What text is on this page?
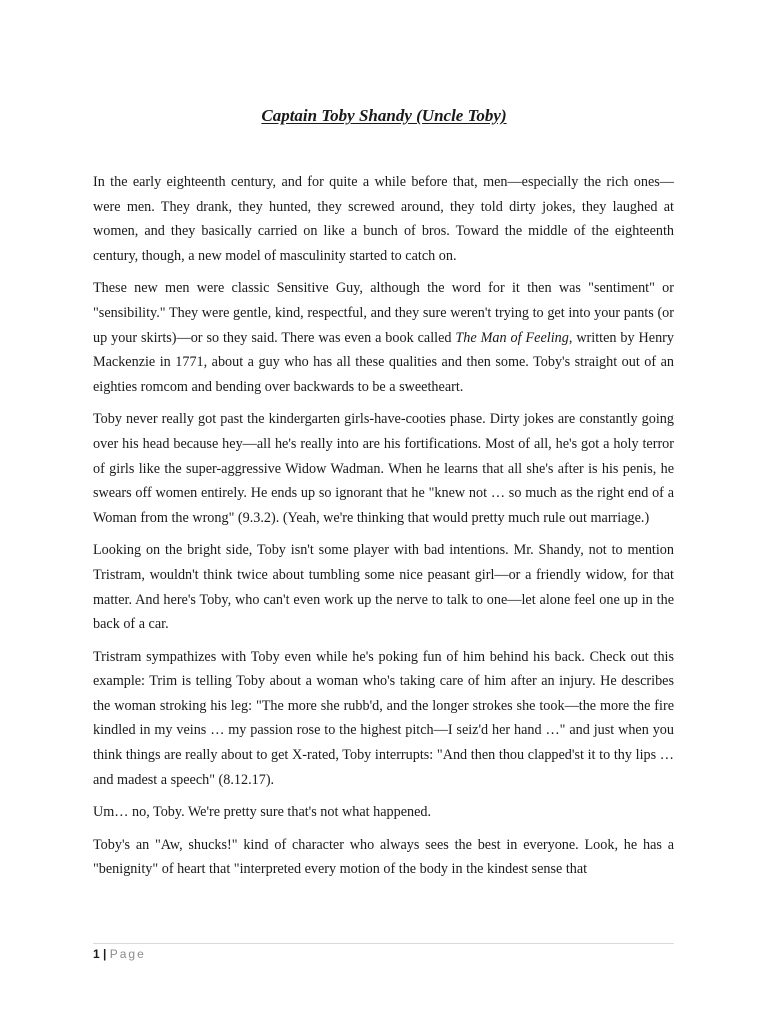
Captain Toby Shandy (Uncle Toby)

In the early eighteenth century, and for quite a while before that, men—especially the rich ones—were men. They drank, they hunted, they screwed around, they told dirty jokes, they laughed at women, and they basically carried on like a bunch of bros. Toward the middle of the eighteenth century, though, a new model of masculinity started to catch on.

These new men were classic Sensitive Guy, although the word for it then was "sentiment" or "sensibility." They were gentle, kind, respectful, and they sure weren't trying to get into your pants (or up your skirts)—or so they said. There was even a book called The Man of Feeling, written by Henry Mackenzie in 1771, about a guy who has all these qualities and then some. Toby's straight out of an eighties romcom and bending over backwards to be a sweetheart.

Toby never really got past the kindergarten girls-have-cooties phase. Dirty jokes are constantly going over his head because hey—all he's really into are his fortifications. Most of all, he's got a holy terror of girls like the super-aggressive Widow Wadman. When he learns that all she's after is his penis, he swears off women entirely. He ends up so ignorant that he "knew not … so much as the right end of a Woman from the wrong" (9.3.2). (Yeah, we're thinking that would pretty much rule out marriage.)

Looking on the bright side, Toby isn't some player with bad intentions. Mr. Shandy, not to mention Tristram, wouldn't think twice about tumbling some nice peasant girl—or a friendly widow, for that matter. And here's Toby, who can't even work up the nerve to talk to one—let alone feel one up in the back of a car.

Tristram sympathizes with Toby even while he's poking fun of him behind his back. Check out this example: Trim is telling Toby about a woman who's taking care of him after an injury. He describes the woman stroking his leg: "The more she rubb'd, and the longer strokes she took—the more the fire kindled in my veins … my passion rose to the highest pitch—I seiz'd her hand …" and just when you think things are really about to get X-rated, Toby interrupts: "And then thou clapped'st it to thy lips … and madest a speech" (8.12.17).

Um… no, Toby. We're pretty sure that's not what happened.

Toby's an "Aw, shucks!" kind of character who always sees the best in everyone. Look, he has a "benignity" of heart that "interpreted every motion of the body in the kindest sense that

1 | Page
